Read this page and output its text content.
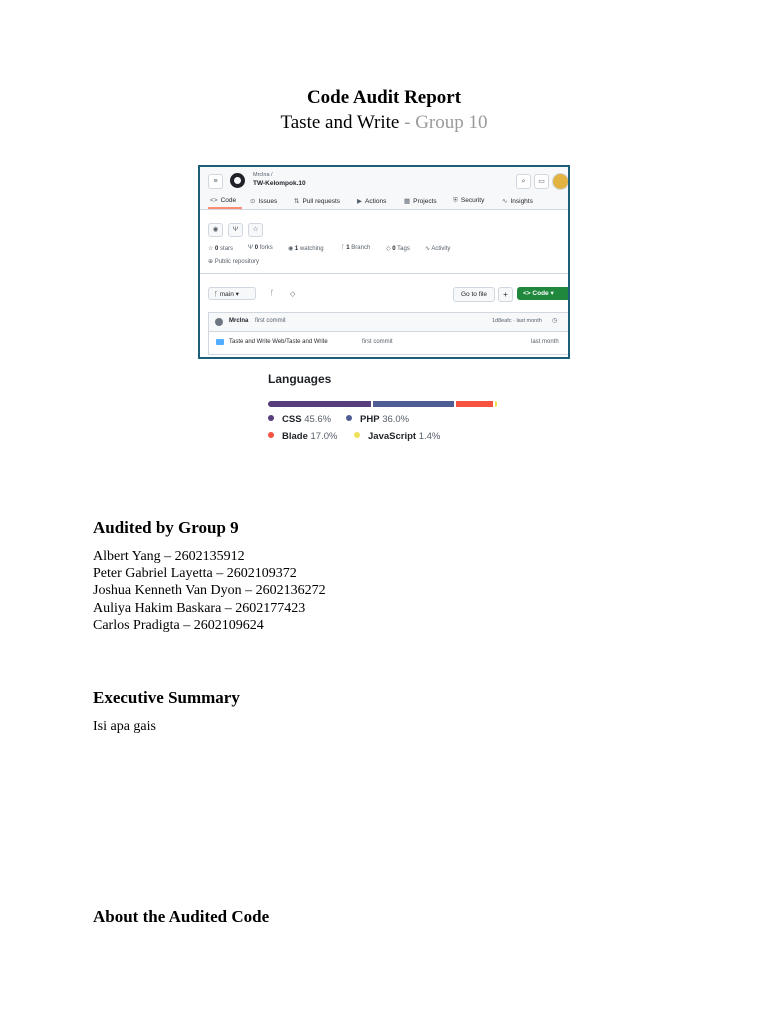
Code Audit Report
Taste and Write - Group 10
≡
Mrclna /
TW-Kelompok.10	⌕	▭
<> Code ⊙ Issues	⇅ Pull requests	▶ Actions	▦ Projects	⛨ Security	∿ Insights
◉	Ψ	☆
☆ 0 stars Ψ 0 forks	◉ 1 watching	ᚴ 1 Branch	◇ 0 Tags	∿ Activity
⊕ Public repository
ᚴ main ▾	ᚴ ◇	Go to file	+	<> Code ▾
Mrclna first commit	1d8eafc · last month ◷
Taste and Write Web/Taste and Write	first commit	last month
Languages
CSS 45.6%	PHP 36.0%
Blade 17.0%	JavaScript 1.4%
Audited by Group 9
Albert Yang – 2602135912
Peter Gabriel Layetta – 2602109372
Joshua Kenneth Van Dyon – 2602136272
Auliya Hakim Baskara – 2602177423
Carlos Pradigta – 2602109624
Executive Summary
Isi apa gais
About the Audited Code
